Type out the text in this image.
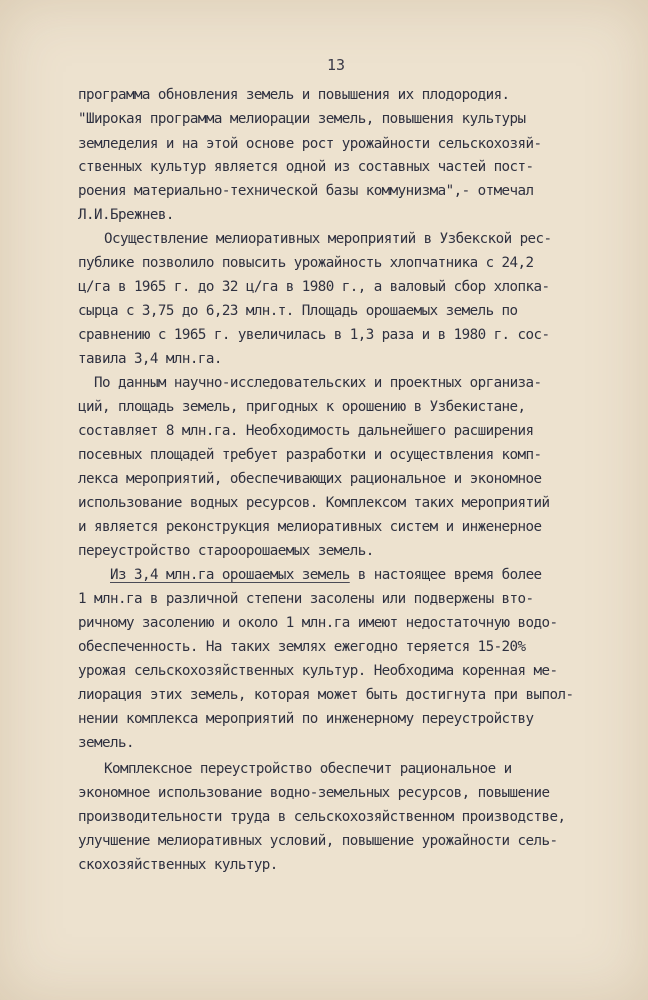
13
программа обновления земель и повышения их плодородия.
"Широкая программа мелиорации земель, повышения культуры
земледелия и на этой основе рост урожайности сельскохозяй-
ственных культур является одной из составных частей пост-
роения материально-технической базы коммунизма",- отмечал
Л.И.Брежнев.
Осуществление мелиоративных мероприятий в Узбекской рес-
публике позволило повысить урожайность хлопчатника с 24,2
ц/га в 1965 г. до 32 ц/га в 1980 г., а валовый сбор хлопка-
сырца с 3,75 до 6,23 млн.т. Площадь орошаемых земель по
сравнению с 1965 г. увеличилась в 1,3 раза и в 1980 г. сос-
тавила 3,4 млн.га.
По данным научно-исследовательских и проектных организа-
ций, площадь земель, пригодных к орошению в Узбекистане,
составляет 8 млн.га. Необходимость дальнейшего расширения
посевных площадей требует разработки и осуществления комп-
лекса мероприятий, обеспечивающих рациональное и экономное
использование водных ресурсов. Комплексом таких мероприятий
и является реконструкция мелиоративных систем и инженерное
переустройство староорошаемых земель.
Из 3,4 млн.га орошаемых земель в настоящее время более
1 млн.га в различной степени засолены или подвержены вто-
ричному засолению и около 1 млн.га имеют недостаточную водо-
обеспеченность. На таких землях ежегодно теряется 15-20%
урожая сельскохозяйственных культур. Необходима коренная ме-
лиорация этих земель, которая может быть достигнута при выпол-
нении комплекса мероприятий по инженерному переустройству
земель.
Комплексное переустройство обеспечит рациональное и
экономное использование водно-земельных ресурсов, повышение
производительности труда в сельскохозяйственном производстве,
улучшение мелиоративных условий, повышение урожайности сель-
скохозяйственных культур.
